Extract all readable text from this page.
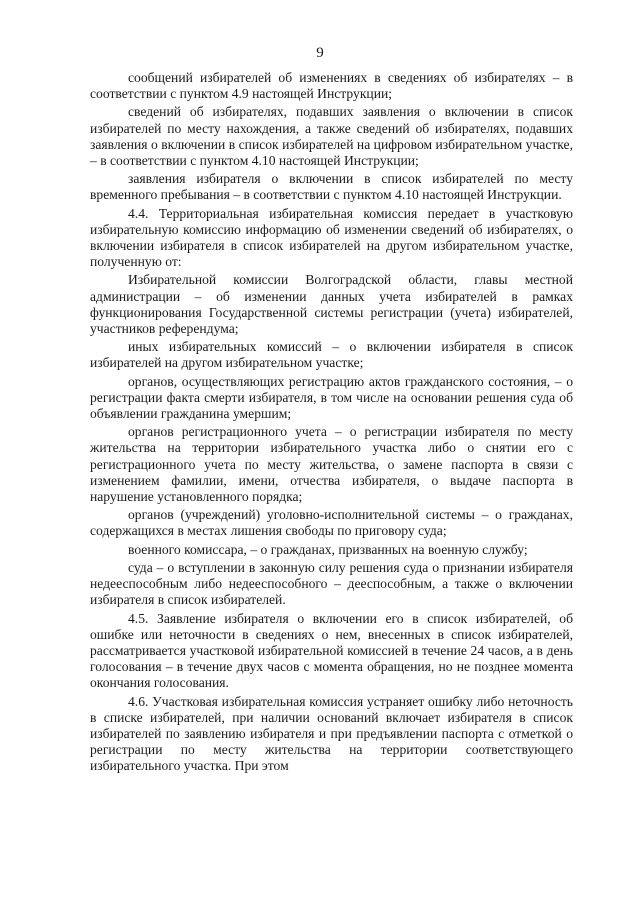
9

сообщений избирателей об изменениях в сведениях об избирателях – в соответствии с пунктом 4.9 настоящей Инструкции;

сведений об избирателях, подавших заявления о включении в список избирателей по месту нахождения, а также сведений об избирателях, подавших заявления о включении в список избирателей на цифровом избирательном участке, – в соответствии с пунктом 4.10 настоящей Инструкции;

заявления избирателя о включении в список избирателей по месту временного пребывания – в соответствии с пунктом 4.10 настоящей Инструкции.

4.4. Территориальная избирательная комиссия передает в участковую избирательную комиссию информацию об изменении сведений об избирателях, о включении избирателя в список избирателей на другом избирательном участке, полученную от:

Избирательной комиссии Волгоградской области, главы местной администрации – об изменении данных учета избирателей в рамках функционирования Государственной системы регистрации (учета) избирателей, участников референдума;

иных избирательных комиссий – о включении избирателя в список избирателей на другом избирательном участке;

органов, осуществляющих регистрацию актов гражданского состояния, – о регистрации факта смерти избирателя, в том числе на основании решения суда об объявлении гражданина умершим;

органов регистрационного учета – о регистрации избирателя по месту жительства на территории избирательного участка либо о снятии его с регистрационного учета по месту жительства, о замене паспорта в связи с изменением фамилии, имени, отчества избирателя, о выдаче паспорта в нарушение установленного порядка;

органов (учреждений) уголовно-исполнительной системы – о гражданах, содержащихся в местах лишения свободы по приговору суда;

военного комиссара, – о гражданах, призванных на военную службу;

суда – о вступлении в законную силу решения суда о признании избирателя недееспособным либо недееспособного – дееспособным, а также о включении избирателя в список избирателей.

4.5. Заявление избирателя о включении его в список избирателей, об ошибке или неточности в сведениях о нем, внесенных в список избирателей, рассматривается участковой избирательной комиссией в течение 24 часов, а в день голосования – в течение двух часов с момента обращения, но не позднее момента окончания голосования.

4.6. Участковая избирательная комиссия устраняет ошибку либо неточность в списке избирателей, при наличии оснований включает избирателя в список избирателей по заявлению избирателя и при предъявлении паспорта с отметкой о регистрации по месту жительства на территории соответствующего избирательного участка. При этом
